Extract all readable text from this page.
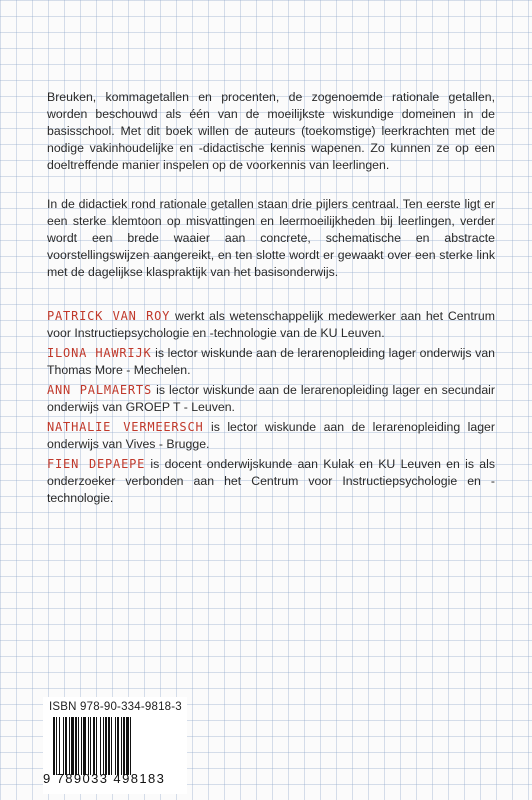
Breuken, kommagetallen en procenten, de zogenoemde rationale getallen, worden beschouwd als één van de moeilijkste wiskundige domeinen in de basisschool. Met dit boek willen de auteurs (toekomstige) leerkrachten met de nodige vakinhoudelijke en -didactische kennis wapenen. Zo kunnen ze op een doeltreffende manier inspelen op de voorkennis van leerlingen.
In de didactiek rond rationale getallen staan drie pijlers centraal. Ten eerste ligt er een sterke klemtoon op misvattingen en leermoeilijkheden bij leerlingen, verder wordt een brede waaier aan concrete, schematische en abstracte voorstellingswijzen aangereikt, en ten slotte wordt er gewaakt over een sterke link met de dagelijkse klaspraktijk van het basisonderwijs.

PATRICK VAN ROY werkt als wetenschappelijk medewerker aan het Centrum voor Instructiepsychologie en -technologie van de KU Leuven.

ILONA HAWRIJK is lector wiskunde aan de lerarenopleiding lager onderwijs van Thomas More - Mechelen.

ANN PALMAERTS is lector wiskunde aan de lerarenopleiding lager en secundair onderwijs van GROEP T - Leuven.

NATHALIE VERMEERSCH is lector wiskunde aan de lerarenopleiding lager onderwijs van Vives - Brugge.

FIEN DEPAEPE is docent onderwijskunde aan Kulak en KU Leuven en is als onderzoeker verbonden aan het Centrum voor Instructiepsychologie en -technologie.

ISBN 978-90-334-9818-3
9 789033 498183
